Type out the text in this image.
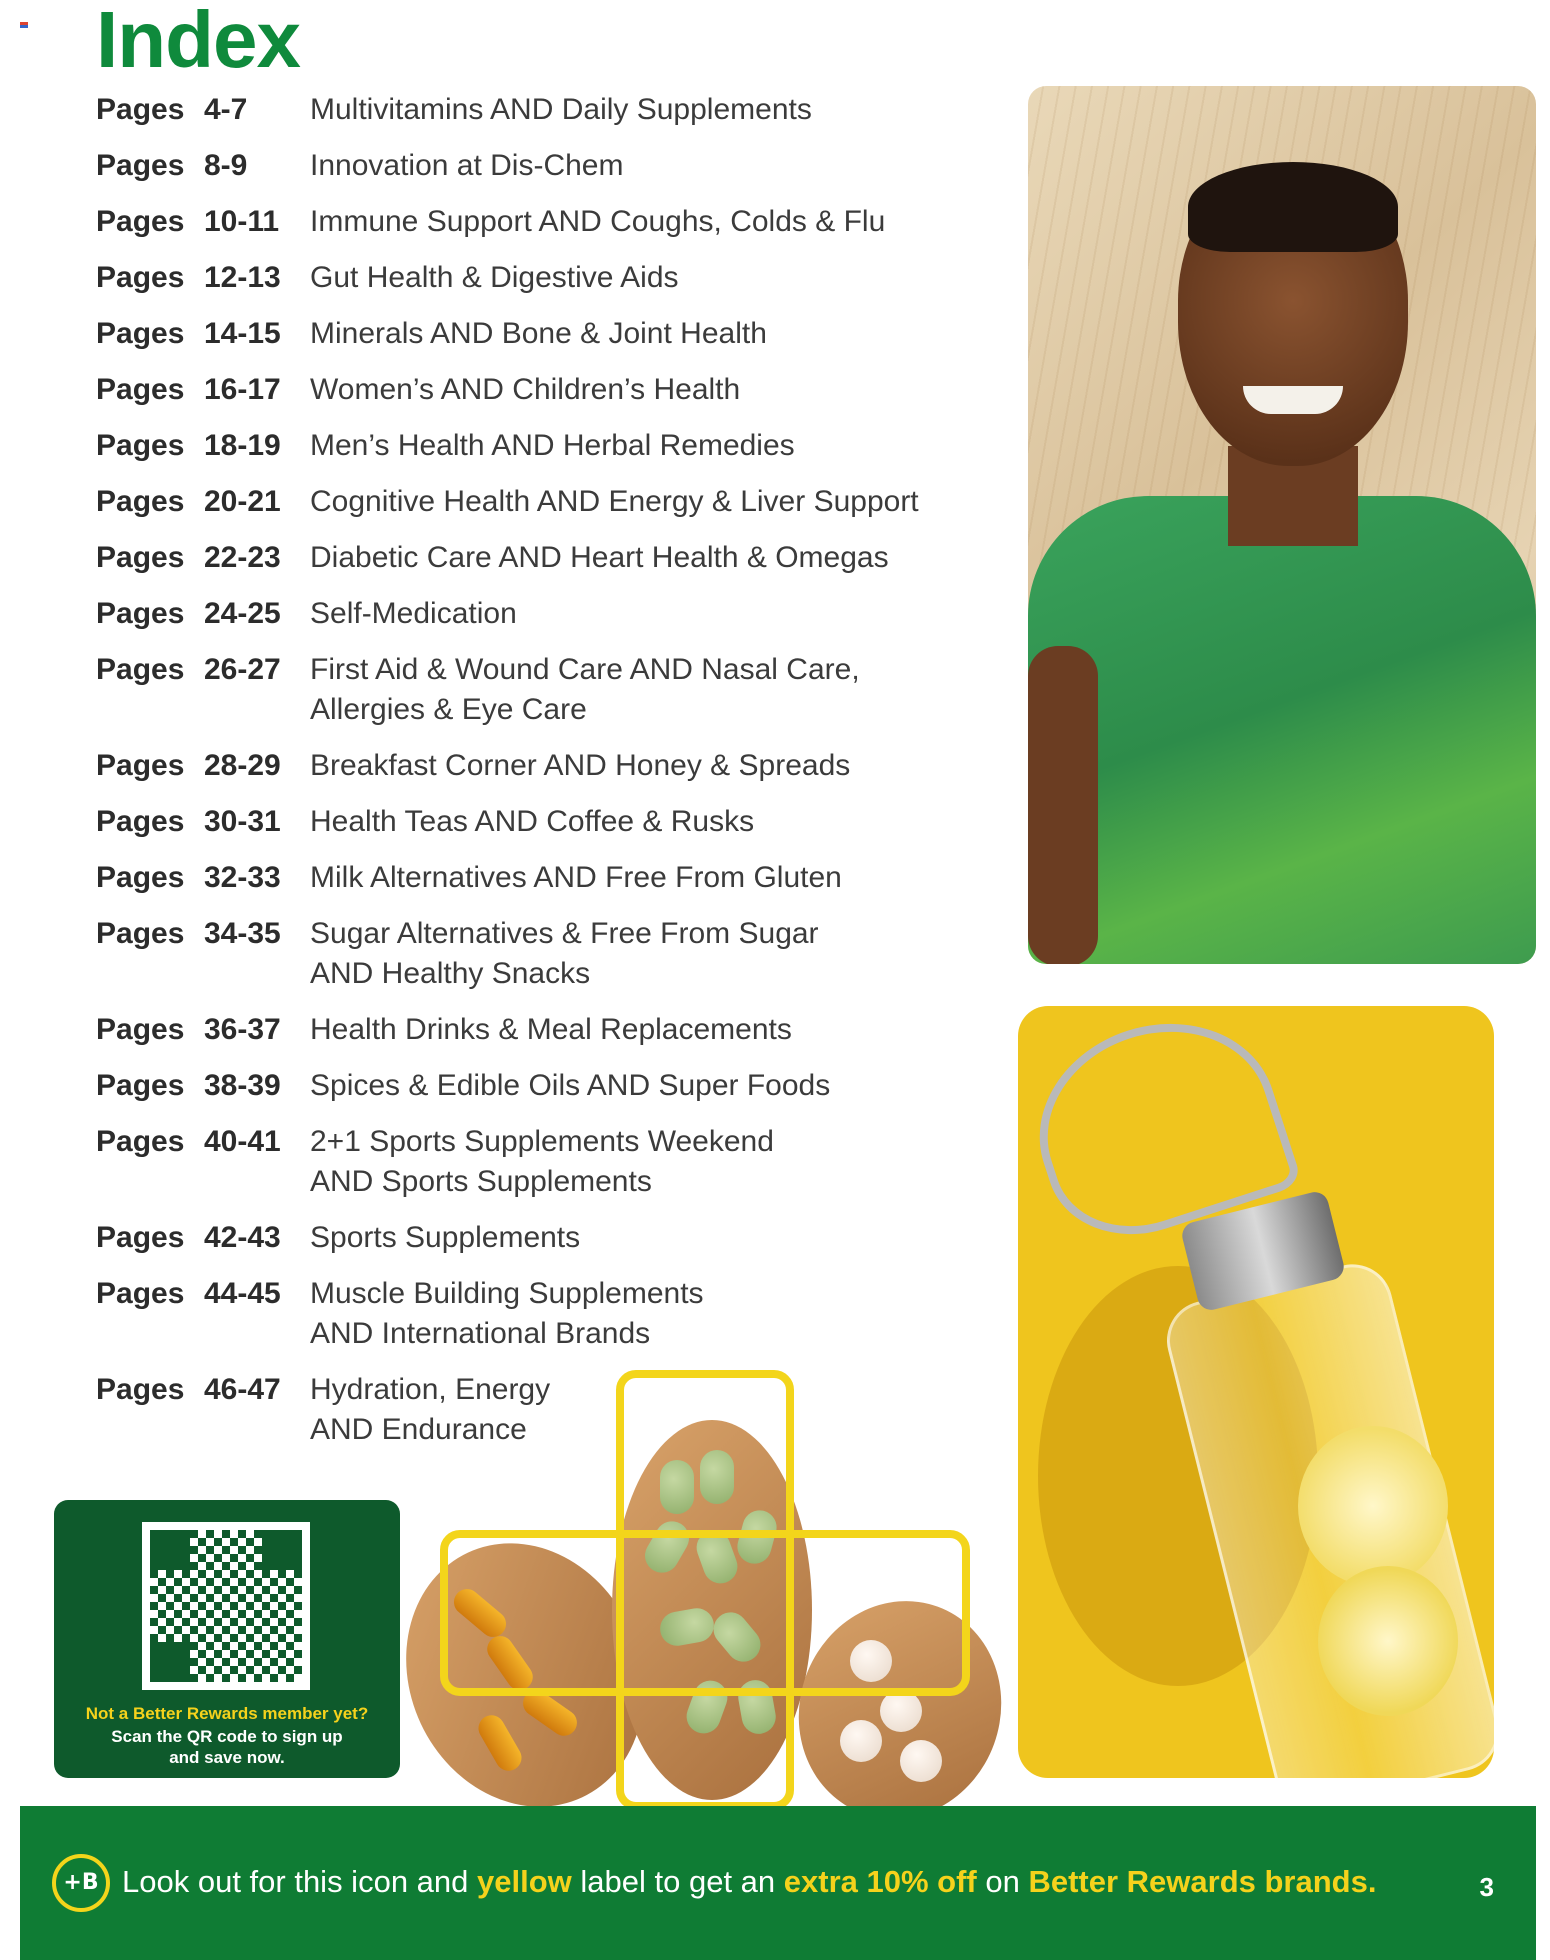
Index
Pages 4-7 Multivitamins AND Daily Supplements
Pages 8-9 Innovation at Dis-Chem
Pages 10-11 Immune Support AND Coughs, Colds & Flu
Pages 12-13 Gut Health & Digestive Aids
Pages 14-15 Minerals AND Bone & Joint Health
Pages 16-17 Women’s AND Children’s Health
Pages 18-19 Men’s Health AND Herbal Remedies
Pages 20-21 Cognitive Health AND Energy & Liver Support
Pages 22-23 Diabetic Care AND Heart Health & Omegas
Pages 24-25 Self-Medication
Pages 26-27 First Aid & Wound Care AND Nasal Care,
Allergies & Eye Care
Pages 28-29 Breakfast Corner AND Honey & Spreads
Pages 30-31 Health Teas AND Coffee & Rusks
Pages 32-33 Milk Alternatives AND Free From Gluten
Pages 34-35 Sugar Alternatives & Free From Sugar
AND Healthy Snacks
Pages 36-37 Health Drinks & Meal Replacements
Pages 38-39 Spices & Edible Oils AND Super Foods
Pages 40-41 2+1 Sports Supplements Weekend
AND Sports Supplements
Pages 42-43 Sports Supplements
Pages 44-45 Muscle Building Supplements
AND International Brands
Pages 46-47 Hydration, Energy
AND Endurance
Not a Better Rewards member yet?
Scan the QR code to sign up
and save now.
+B Look out for this icon and yellow label to get an extra 10% off on Better Rewards brands.	3
